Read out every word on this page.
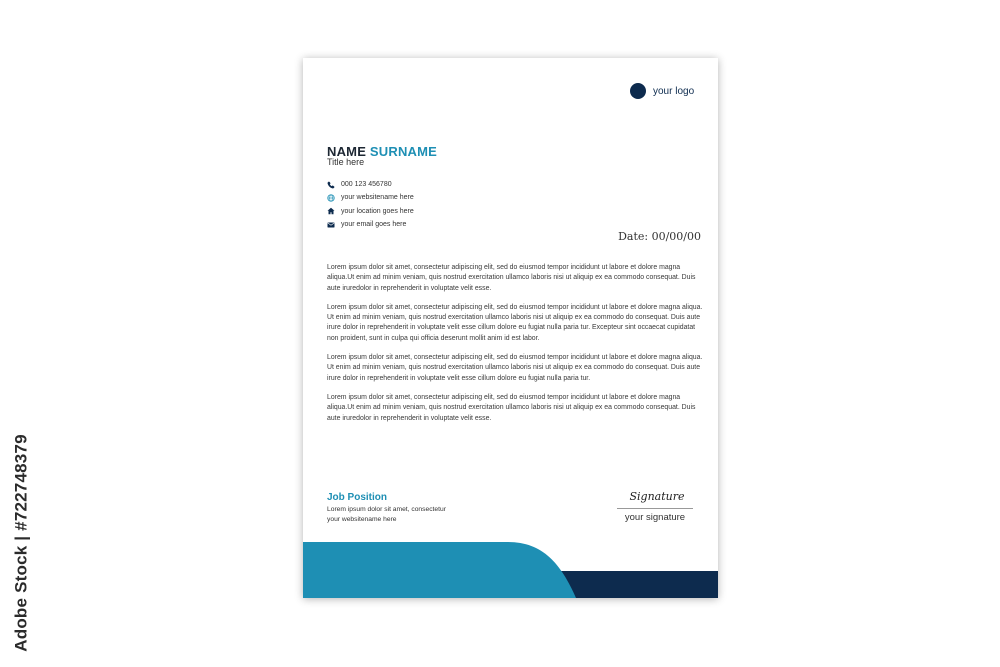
Adobe Stock | #722748379
your logo
NAME SURNAME
Title here
000 123 456780
your websitename here
your location goes here
your email goes here
Date: 00/00/00

Lorem ipsum dolor sit amet, consectetur adipiscing elit, sed do eiusmod tempor incididunt ut labore et dolore magna aliqua.Ut enim ad minim veniam, quis nostrud exercitation ullamco laboris nisi ut aliquip ex ea commodo consequat. Duis aute iruredolor in reprehenderit in voluptate velit esse.

Lorem ipsum dolor sit amet, consectetur adipiscing elit, sed do eiusmod tempor incididunt ut labore et dolore magna aliqua. Ut enim ad minim veniam, quis nostrud exercitation ullamco laboris nisi ut aliquip ex ea commodo do consequat. Duis aute irure dolor in reprehenderit in voluptate velit esse cillum dolore eu fugiat nulla paria tur. Excepteur sint occaecat cupidatat non proident, sunt in culpa qui officia deserunt mollit anim id est labor.

Lorem ipsum dolor sit amet, consectetur adipiscing elit, sed do eiusmod tempor incididunt ut labore et dolore magna aliqua. Ut enim ad minim veniam, quis nostrud exercitation ullamco laboris nisi ut aliquip ex ea commodo do consequat. Duis aute irure dolor in reprehenderit in voluptate velit esse cillum dolore eu fugiat nulla paria tur.

Lorem ipsum dolor sit amet, consectetur adipiscing elit, sed do eiusmod tempor incididunt ut labore et dolore magna aliqua.Ut enim ad minim veniam, quis nostrud exercitation ullamco laboris nisi ut aliquip ex ea commodo consequat. Duis aute iruredolor in reprehenderit in voluptate velit esse.

Job Position
Lorem ipsum dolor sit amet, consectetur
your websitename here
Signature
your signature
